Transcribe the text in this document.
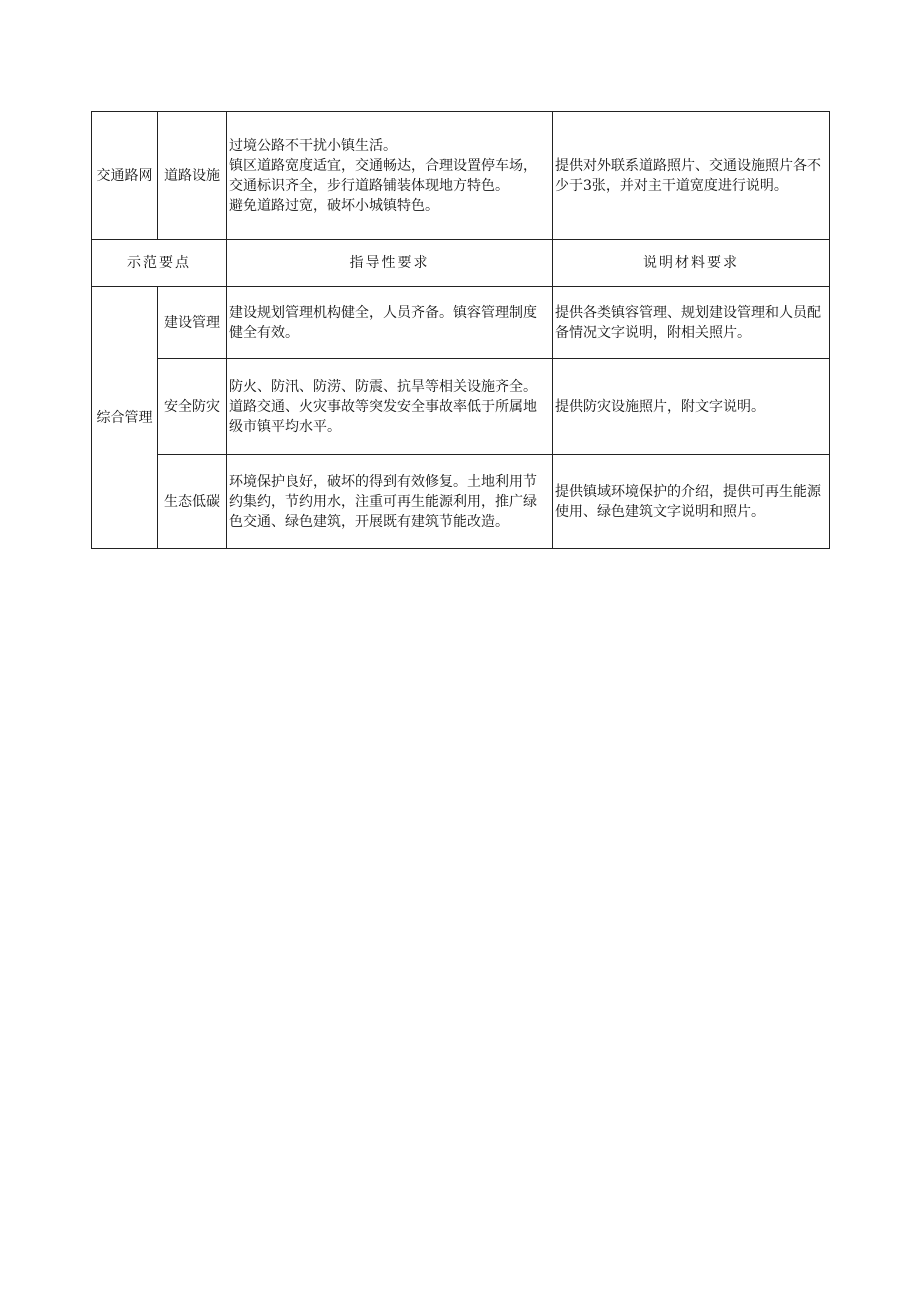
交通路网	道路设施	过境公路不干扰小镇生活。
镇区道路宽度适宜，交通畅达，合理设置停车场，交通标识齐全，步行道路铺装体现地方特色。
避免道路过宽，破坏小城镇特色。	提供对外联系道路照片、交通设施照片各不少于3张，并对主干道宽度进行说明。
示范要点		指导性要求	说明材料要求
综合管理	建设管理	建设规划管理机构健全，人员齐备。镇容管理制度健全有效。	提供各类镇容管理、规划建设管理和人员配备情况文字说明，附相关照片。
	安全防灾	防火、防汛、防涝、防震、抗旱等相关设施齐全。
道路交通、火灾事故等突发安全事故率低于所属地级市镇平均水平。	提供防灾设施照片，附文字说明。
	生态低碳	环境保护良好，破坏的得到有效修复。土地利用节约集约，节约用水，注重可再生能源利用，推广绿色交通、绿色建筑，开展既有建筑节能改造。	提供镇域环境保护的介绍，提供可再生能源使用、绿色建筑文字说明和照片。
